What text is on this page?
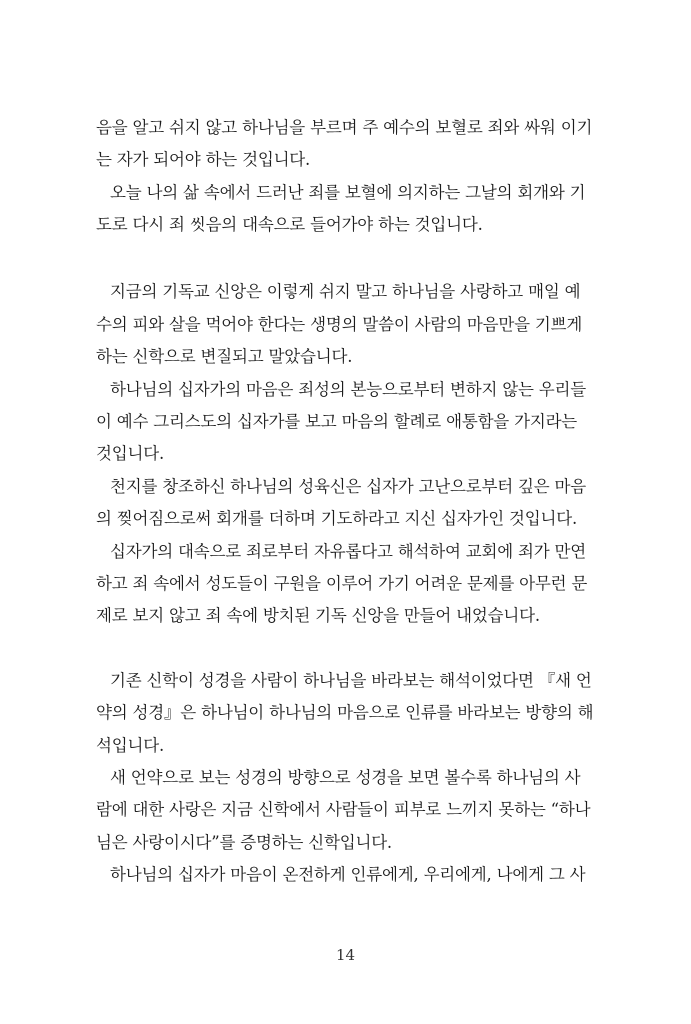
음을 알고 쉬지 않고 하나님을 부르며 주 예수의 보혈로 죄와 싸워 이기
는 자가 되어야 하는 것입니다.
오늘 나의 삶 속에서 드러난 죄를 보혈에 의지하는 그날의 회개와 기
도로 다시 죄 씻음의 대속으로 들어가야 하는 것입니다.
지금의 기독교 신앙은 이렇게 쉬지 말고 하나님을 사랑하고 매일 예
수의 피와 살을 먹어야 한다는 생명의 말씀이 사람의 마음만을 기쁘게
하는 신학으로 변질되고 말았습니다.
하나님의 십자가의 마음은 죄성의 본능으로부터 변하지 않는 우리들
이 예수 그리스도의 십자가를 보고 마음의 할례로 애통함을 가지라는
것입니다.
천지를 창조하신 하나님의 성육신은 십자가 고난으로부터 깊은 마음
의 찢어짐으로써 회개를 더하며 기도하라고 지신 십자가인 것입니다.
십자가의 대속으로 죄로부터 자유롭다고 해석하여 교회에 죄가 만연
하고 죄 속에서 성도들이 구원을 이루어 가기 어려운 문제를 아무런 문
제로 보지 않고 죄 속에 방치된 기독 신앙을 만들어 내었습니다.
기존 신학이 성경을 사람이 하나님을 바라보는 해석이었다면 『새 언
약의 성경』은 하나님이 하나님의 마음으로 인류를 바라보는 방향의 해
석입니다.
새 언약으로 보는 성경의 방향으로 성경을 보면 볼수록 하나님의 사
람에 대한 사랑은 지금 신학에서 사람들이 피부로 느끼지 못하는 “하나
님은 사랑이시다”를 증명하는 신학입니다.
하나님의 십자가 마음이 온전하게 인류에게, 우리에게, 나에게 그 사
14
